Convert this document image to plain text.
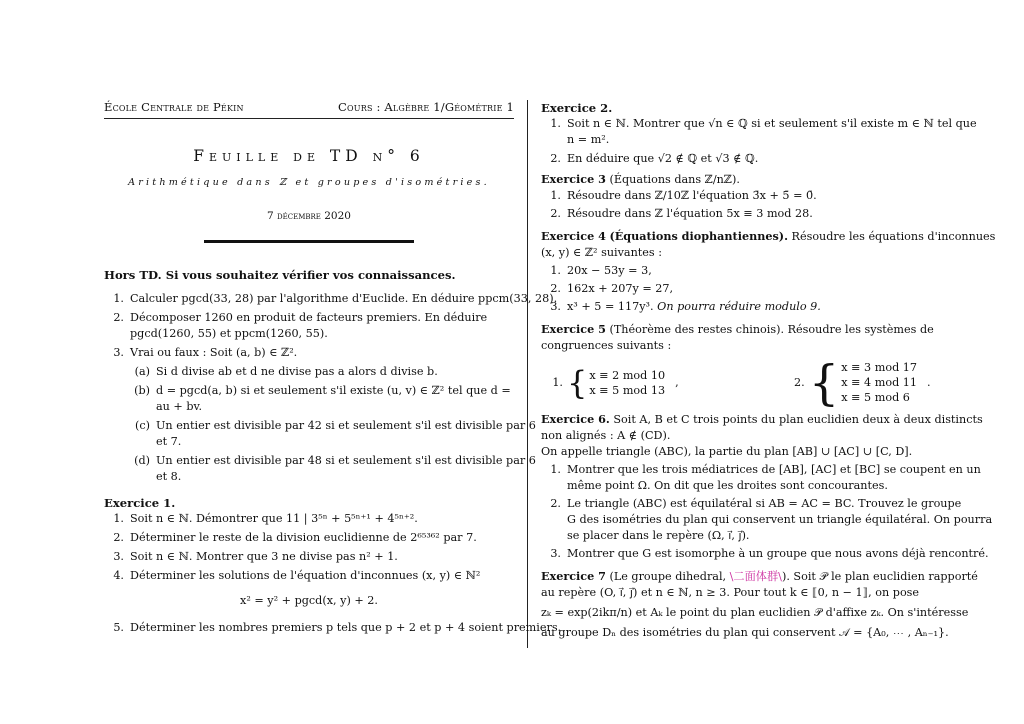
École Centrale de Pékin	Cours : Algèbre 1/Géométrie 1
Feuille de TD n° 6
Arithmétique dans ℤ et groupes d'isométries.
7 décembre 2020
Hors TD. Si vous souhaitez vérifier vos connaissances.
1. Calculer pgcd(33, 28) par l'algorithme d'Euclide. En déduire ppcm(33, 28).
2. Décomposer 1260 en produit de facteurs premiers. En déduire
pgcd(1260, 55) et ppcm(1260, 55).
3. Vrai ou faux : Soit (a, b) ∈ ℤ².
(a) Si d divise ab et d ne divise pas a alors d divise b.
(b) d = pgcd(a, b) si et seulement s'il existe (u, v) ∈ ℤ² tel que d =
au + bv.
(c) Un entier est divisible par 42 si et seulement s'il est divisible par 6
et 7.
(d) Un entier est divisible par 48 si et seulement s'il est divisible par 6
et 8.
Exercice 1.
1. Soit n ∈ ℕ. Démontrer que 11 | 3⁵ⁿ + 5⁵ⁿ⁺¹ + 4⁵ⁿ⁺².
2. Déterminer le reste de la division euclidienne de 2⁶⁵³⁶² par 7.
3. Soit n ∈ ℕ. Montrer que 3 ne divise pas n² + 1.
4. Déterminer les solutions de l'équation d'inconnues (x, y) ∈ ℕ²
x² = y² + pgcd(x, y) + 2.
5. Déterminer les nombres premiers p tels que p + 2 et p + 4 soient premiers.
Exercice 2.
1. Soit n ∈ ℕ. Montrer que √n ∈ ℚ si et seulement s'il existe m ∈ ℕ tel que
n = m².
2. En déduire que √2 ∉ ℚ et √3 ∉ ℚ.
Exercice 3 (Équations dans ℤ/nℤ).
1. Résoudre dans ℤ/10ℤ l'équation 3̄x + 5̄ = 0̄.
2. Résoudre dans ℤ l'équation 5x ≡ 3 mod 28.
Exercice 4 (Équations diophantiennes). Résoudre les équations d'inconnues
(x, y) ∈ ℤ² suivantes :
1. 20x − 53y = 3,
2. 162x + 207y = 27,
3. x³ + 5 = 117y³. On pourra réduire modulo 9.
Exercice 5 (Théorème des restes chinois). Résoudre les systèmes de
congruences suivants :
1. { x ≡ 2 mod 10
x ≡ 5 mod 13
,	2. { x ≡ 3 mod 17
x ≡ 4 mod 11
x ≡ 5 mod 6
.
Exercice 6. Soit A, B et C trois points du plan euclidien deux à deux distincts
non alignés : A ∉ (CD).
On appelle triangle (ABC), la partie du plan [AB] ∪ [AC] ∪ [C, D].
1. Montrer que les trois médiatrices de [AB], [AC] et [BC] se coupent en un
même point Ω. On dit que les droites sont concourantes.
2. Le triangle (ABC) est équilatéral si AB = AC = BC. Trouvez le groupe
G des isométries du plan qui conservent un triangle équilatéral. On pourra
se placer dans le repère (Ω, i⃗, j⃗).
3. Montrer que G est isomorphe à un groupe que nous avons déjà rencontré.
Exercice 7 (Le groupe dihedral, \二面体群\). Soit 𝒫 le plan euclidien rapporté
au repère (O, i⃗, j⃗) et n ∈ ℕ, n ≥ 3. Pour tout k ∈ ⟦0, n − 1⟧, on pose
zₖ = exp(2ikπ/n) et Aₖ le point du plan euclidien 𝒫 d'affixe zₖ. On s'intéresse
au groupe Dₙ des isométries du plan qui conservent 𝒜 = {A₀, ⋯ , Aₙ₋₁}.
